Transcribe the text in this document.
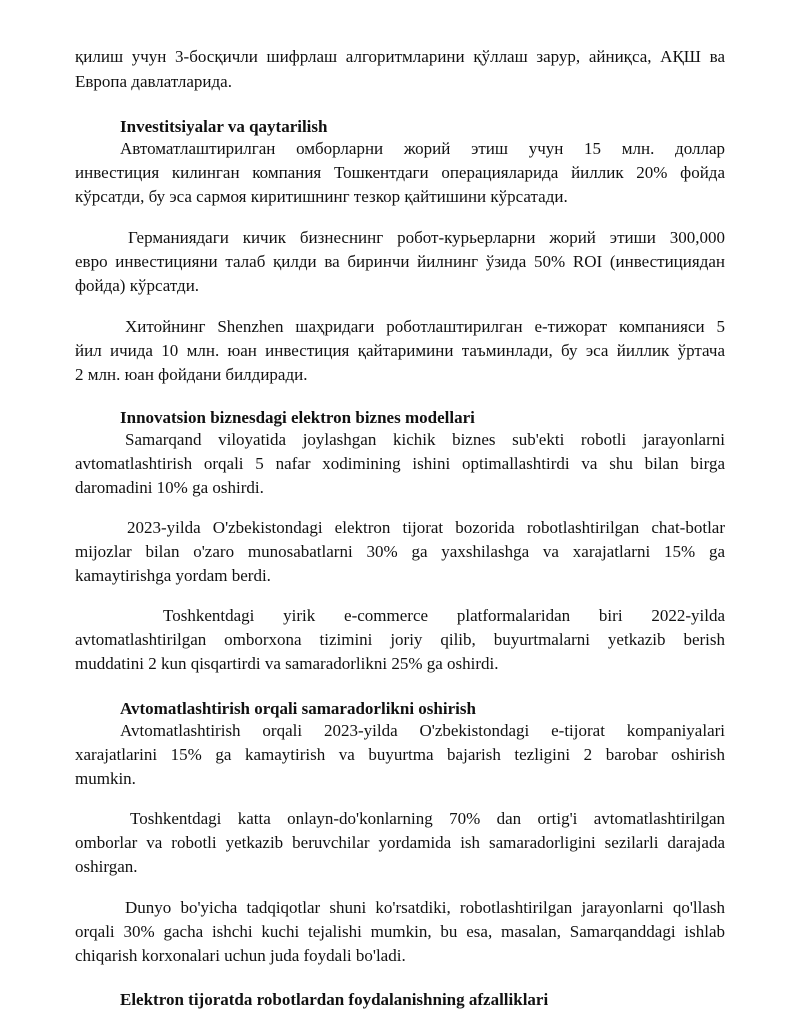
қилиш учун 3-босқичли шифрлаш алгоритмларини қўллаш зарур, айниқса, АҚШ ва
Европа давлатларида.
Investitsiyalar va qaytarilish
Автоматлаштирилган омборларни жорий этиш учун 15 млн. доллар
инвестиция килинган компания Тошкентдаги операцияларида йиллик 20% фойда
кўрсатди, бу эса сармоя киритишнинг тезкор қайтишини кўрсатади.
Германиядаги кичик бизнеснинг робот-курьерларни жорий этиши 300,000
евро инвестицияни талаб қилди ва биринчи йилнинг ўзида 50% ROI (инвестициядан
фойда) кўрсатди.
Хитойнинг Shenzhen шаҳридаги роботлаштирилган е-тижорат компанияси 5
йил ичида 10 млн. юан инвестиция қайтаримини таъминлади, бу эса йиллик ўртача
2 млн. юан фойдани билдиради.
Innovatsion biznesdagi elektron biznes modellari
Samarqand viloyatida joylashgan kichik biznes sub'ekti robotli jarayonlarni
avtomatlashtirish orqali 5 nafar xodimining ishini optimallashtirdi va shu bilan birga
daromadini 10% ga oshirdi.
2023-yilda O'zbekistondagi elektron tijorat bozorida robotlashtirilgan chat-botlar
mijozlar bilan o'zaro munosabatlarni 30% ga yaxshilashga va xarajatlarni 15% ga
kamaytirishga yordam berdi.
Toshkentdagi yirik e-commerce platformalaridan biri 2022-yilda
avtomatlashtirilgan omborxona tizimini joriy qilib, buyurtmalarni yetkazib berish
muddatini 2 kun qisqartirdi va samaradorlikni 25% ga oshirdi.
Avtomatlashtirish orqali samaradorlikni oshirish
Avtomatlashtirish orqali 2023-yilda O'zbekistondagi e-tijorat kompaniyalari
xarajatlarini 15% ga kamaytirish va buyurtma bajarish tezligini 2 barobar oshirish
mumkin.
Toshkentdagi katta onlayn-do'konlarning 70% dan ortig'i avtomatlashtirilgan
omborlar va robotli yetkazib beruvchilar yordamida ish samaradorligini sezilarli darajada
oshirgan.
Dunyo bo'yicha tadqiqotlar shuni ko'rsatdiki, robotlashtirilgan jarayonlarni qo'llash
orqali 30% gacha ishchi kuchi tejalishi mumkin, bu esa, masalan, Samarqanddagi ishlab
chiqarish korxonalari uchun juda foydali bo'ladi.
Elektron tijoratda robotlardan foydalanishning afzalliklari
